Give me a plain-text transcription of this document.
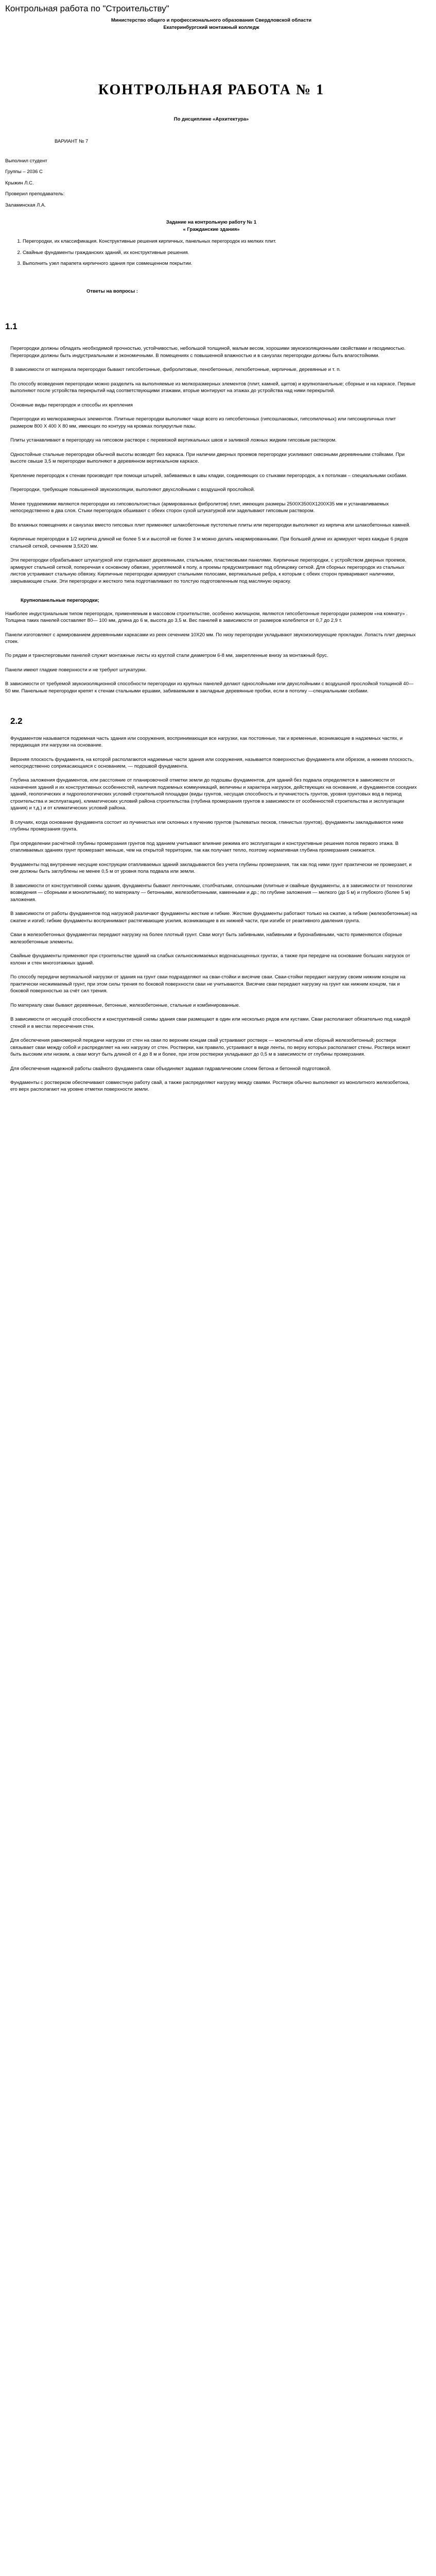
Контрольная работа по "Строительству"

Министерство общего и профессионального образования Свердловской области

Екатеринбургский монтажный колледж

КОНТРОЛЬНАЯ РАБОТА № 1
По дисциплине «Архитектура»
ВАРИАНТ № 7

Выполнил студент

Группы – 2036 С

Крыжин Л.С.

Проверил преподаватель:

Заламинская Л.А.

Задание на контрольную работу № 1
« Гражданские здания»
1. Перегородки, их классификация. Конструктивные решения кирпичных, панельных перегородок из мелких плит.
2. Свайные фундаменты гражданских зданий, их конструктивные решения.
3. Выполнить узел парапета кирпичного здания при совмещенном покрытии.
Ответы на вопросы :
1.1

Перегородки должны обладать необходимой прочностью, устойчивостью, небольшой толщиной, малым весом, хорошими звукоизоляционными свойствами и гвоздимостью. Перегородки должны быть индустриальными и экономичными. В помещениях с повышенной влажностью и в санузлах перегородки должны быть влагостойкими.

В зависимости от материала перегородки бывают гипсобетонные, фибролитовые, пенобетонные, легкобетонные, кирпичные, деревянные и т. п.

По способу возведения перегородки можно разделить на выполняемые из мелкоразмерных элементов (плит, камней, щитов) и крупнопанельные; сборные и на каркасе. Первые выполняют после устройства перекрытий над соответствующими этажами, вторые монтируют на этажах до устройства над ними перекрытий.

Основные виды перегородок и способы их крепления

Перегородки из мелкоразмерных элементов. Плитные перегородки выполняют чаще всего из гипсобетонных (гипсошлаковых, гипсопилочных) или гипсокирпичных плит размером 800 Х 400 Х 80 мм, имеющих по контуру на кромках полукруглые пазы.

Плиты устанавливают в перегородку на гипсовом растворе с перевязкой вертикальных швов и заливкой ложных жидким гипсовым раствором.

Одностойные стальные перегородки обычной высоты возводят без каркаса. При наличии дверных проемов перегородки усиливают сквозными деревянными стойками. При высоте свыше 3,5 м перегородки выполняют в деревянном вертикальном каркасе.

Крепление перегородок к стенам производят при помощи штырей, забиваемых в швы кладки, соединяющих со стыками перегородок, а к потолкам – специальными скобами.

Перегородки, требующие повышенной звукоизоляции, выполняют двухслойными с воздушной прослойкой.

Менее трудоемкими являются перегородки из гипсовольтоистных (армированных фибролитом) плит, имеющих размеры 2500Х3500Х1200Х35 мм и устанавливаемых непосредственно в два слоя. Стыки перегородок обшивают с обеих сторон сухой штукатуркой или заделывают гипсовым раствором.

Во влажных помещениях и санузлах вместо гипсовых плит применяют шлакобетонные пустотелые плиты или перегородки выполняют из кирпича или шлакобетонных камней.

Кирпичные перегородки в 1/2 кирпича длиной не более 5 м и высотой не более 3 м можно делать неармированными. При большей длине их армируют через каждые 6 рядов стальной сеткой, сечением 3,5Х20 мм.

Эти перегородки обрабатывают штукатуркой или отделывают деревянными, стальными, пластиковыми панелями. Кирпичные перегородки, с устройством дверных проемов, армируют стальной сеткой, поперечная к основному обвязке, укрепляемой к полу, а проемы предусматривают под облицовку сеткой. Для сборных перегородок из стальных листов устраивают стальную обвязку. Кирпичные перегородки армируют стальными полосами, вертикальные ребра, к которым с обеих сторон приваривают наличники, закрывающие стыки. Эти перегородки и жесткого типа подготавливают по толстую подготовленным под масляную окраску.

Крупнопанельные перегородки;

Наиболее индустриальным типом перегородок, применяемым в массовом строительстве, особенно жилищном, являются гипсобетонные перегородки размером «на комнату» . Толщина таких панелей составляет 80— 100 мм, длина до 6 м, высота до 3,5 м. Вес панелей в зависимости от размеров колеблется от 0,7 до 2,9 т.

Панели изготовляют с армированием деревянными каркасами из реек сечением 10Х20 мм. По низу перегородки укладывают звукоизолирующие прокладки. Лопасть плит дверных стоек.

По рядам и трансперговыми панелей служит монтажные листы из круглой стали диаметром 6-8 мм, закрепленные внизу за монтажный брус.

Панели имеют гладкие поверхности и не требуют штукатурки.

В зависимости от требуемой звукоизоляционной способности перегородки из крупных панелей делают однослойными или двухслойными с воздушной прослойкой толщиной 40—50 мм. Панельные перегородки крепят к стенам стальными ершами, забиваемыми в закладные деревянные пробки, если в потолку —специальными скобами.

2.2

Фундаментом называется подземная часть здания или сооружения, воспринимающая все нагрузки, как постоянные, так и временные, возникающие в надземных частях, и передающая эти нагрузки на основание.

Верхняя плоскость фундамента, на которой располагаются надземные части здания или сооружения, называется поверхностью фундамента или обрезом, а нижняя плоскость, непосредственно соприкасающаяся с основанием, — подошвой фундамента.

Глубина заложения фундаментов, или расстояние от планировочной отметки земли до подошвы фундаментов, для зданий без подвала определяется в зависимости от назначения зданий и их конструктивных особенностей, наличия подземных коммуникаций, величины и характера нагрузок, действующих на основание, и фундаментов соседних зданий, геологических и гидрогеологических условий строительной площадки (виды грунтов, несущая способность и пучинистость грунтов, уровня грунтовых вод в период строительства и эксплуатации), климатических условий района строительства (глубина промерзания грунтов в зависимости от особенностей строительства и эксплуатации здания) и т.д.) и от климатических условий района.

В случаях, когда основание фундамента состоит из пучинистых или склонных к пучению грунтов (пылеватых песков, глинистых грунтов), фундаменты закладываются ниже глубины промерзания грунта.

При определении расчётной глубины промерзания грунтов под зданием учитывают влияние режима его эксплуатации и конструктивные решения полов первого этажа. В отапливаемых зданиях грунт промерзает меньше, чем на открытой территории, так как получает тепло, поэтому нормативная глубина промерзания снижается.

Фундаменты под внутренние несущие конструкции отапливаемых зданий закладываются без учета глубины промерзания, так как под ними грунт практически не промерзает, и они должны быть заглублены не менее 0,5 м от уровня пола подвала или земли.

В зависимости от конструктивной схемы здания, фундаменты бывают ленточными, столбчатыми, сплошными (плитные и свайные фундаменты, а в зависимости от технологии возведения — сборными и монолитными); по материалу — бетонными, железобетонными, каменными и др.; по глубине заложения — мелкого (до 5 м) и глубокого (более 5 м) заложения.

В зависимости от работы фундаментов под нагрузкой различают фундаменты жесткие и гибкие. Жесткие фундаменты работают только на сжатие, а гибкие (железобетонные) на сжатие и изгиб; гибкие фундаменты воспринимают растягивающие усилия, возникающие в их нижней части, при изгибе от реактивного давления грунта.

Сваи в железобетонных фундаментах передают нагрузку на более плотный грунт. Сваи могут быть забивными, набивными и буронабивными, часто применяются сборные железобетонные элементы.

Свайные фундаменты применяют при строительстве зданий на слабых сильносжимаемых водонасыщенных грунтах, а также при передаче на основание больших нагрузок от колонн и стен многоэтажных зданий.

По способу передачи вертикальной нагрузки от здания на грунт сваи подразделяют на сваи-стойки и висячие сваи. Сваи-стойки передают нагрузку своим нижним концом на практически несжимаемый грунт, при этом силы трения по боковой поверхности сваи не учитываются. Висячие сваи передают нагрузку на грунт как нижним концом, так и боковой поверхностью за счёт сил трения.

По материалу сваи бывают деревянные, бетонные, железобетонные, стальные и комбинированные.

В зависимости от несущей способности и конструктивной схемы здания сваи размещают в один или несколько рядов или кустами. Сваи располагают обязательно под каждой стеной и в местах пересечения стен.

Для обеспечения равномерной передачи нагрузки от стен на сваи по верхним концам свай устраивают ростверк — монолитный или сборный железобетонный; ростверк связывает сваи между собой и распределяет на них нагрузку от стен. Ростверки, как правило, устраивают в виде ленты, по верху которых располагают стены. Ростверк может быть высоким или низким, а сваи могут быть длиной от 4 до 8 м и более, при этом ростверки укладывают до 0,5 м в зависимости от глубины промерзания.

Для обеспечения надежной работы свайного фундамента сваи объединяют задавая гидравлическим слоем бетона и бетонной подготовкой.

Фундаменты с ростверком обеспечивают совместную работу свай, а также распределяют нагрузку между сваями. Ростверк обычно выполняют из монолитного железобетона, его верх располагают на уровне отметки поверхности земли.
